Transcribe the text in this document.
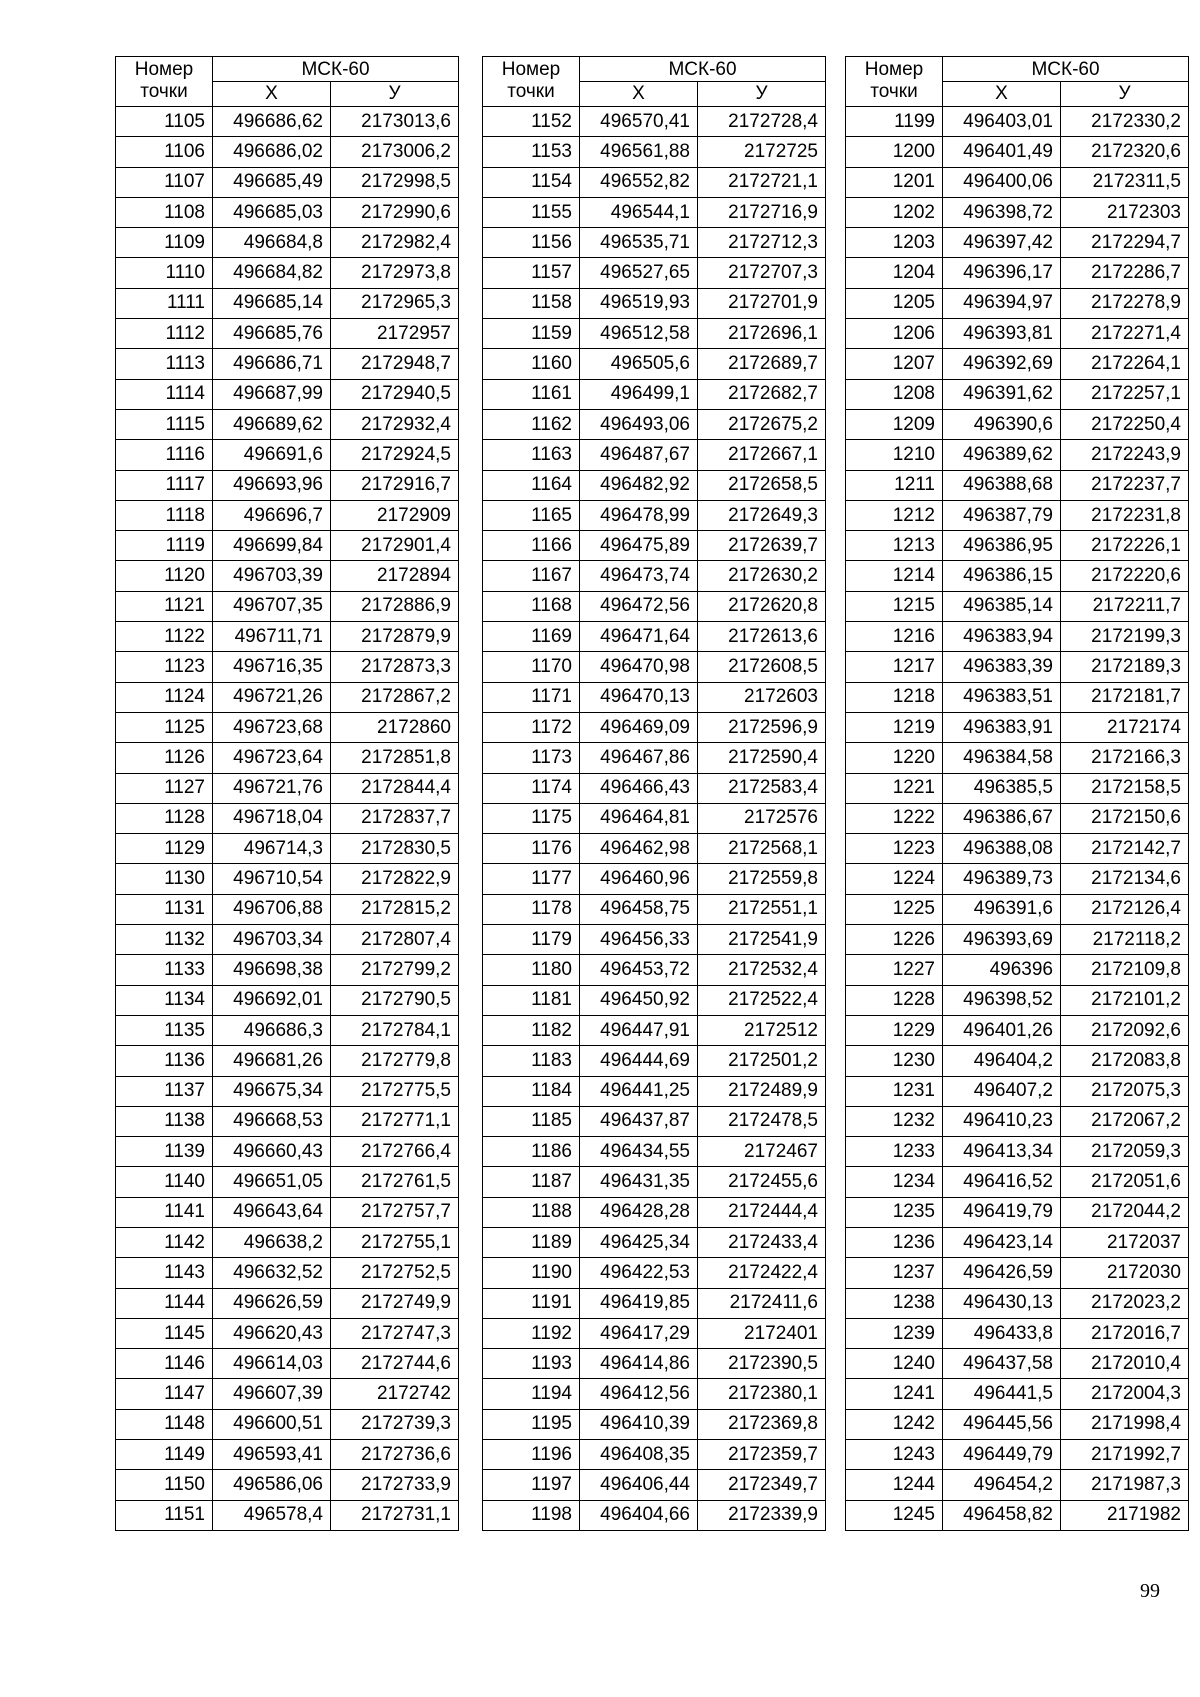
Номер точки	МСК-60	
	Х	У
1105	496686,62	2173013,6
1106	496686,02	2173006,2
1107	496685,49	2172998,5
1108	496685,03	2172990,6
1109	496684,8	2172982,4
1110	496684,82	2172973,8
1111	496685,14	2172965,3
1112	496685,76	2172957
1113	496686,71	2172948,7
1114	496687,99	2172940,5
1115	496689,62	2172932,4
1116	496691,6	2172924,5
1117	496693,96	2172916,7
1118	496696,7	2172909
1119	496699,84	2172901,4
1120	496703,39	2172894
1121	496707,35	2172886,9
1122	496711,71	2172879,9
1123	496716,35	2172873,3
1124	496721,26	2172867,2
1125	496723,68	2172860
1126	496723,64	2172851,8
1127	496721,76	2172844,4
1128	496718,04	2172837,7
1129	496714,3	2172830,5
1130	496710,54	2172822,9
1131	496706,88	2172815,2
1132	496703,34	2172807,4
1133	496698,38	2172799,2
1134	496692,01	2172790,5
1135	496686,3	2172784,1
1136	496681,26	2172779,8
1137	496675,34	2172775,5
1138	496668,53	2172771,1
1139	496660,43	2172766,4
1140	496651,05	2172761,5
1141	496643,64	2172757,7
1142	496638,2	2172755,1
1143	496632,52	2172752,5
1144	496626,59	2172749,9
1145	496620,43	2172747,3
1146	496614,03	2172744,6
1147	496607,39	2172742
1148	496600,51	2172739,3
1149	496593,41	2172736,6
1150	496586,06	2172733,9
1151	496578,4	2172731,1
Номер точки	МСК-60	
	Х	У
1152	496570,41	2172728,4
1153	496561,88	2172725
1154	496552,82	2172721,1
1155	496544,1	2172716,9
1156	496535,71	2172712,3
1157	496527,65	2172707,3
1158	496519,93	2172701,9
1159	496512,58	2172696,1
1160	496505,6	2172689,7
1161	496499,1	2172682,7
1162	496493,06	2172675,2
1163	496487,67	2172667,1
1164	496482,92	2172658,5
1165	496478,99	2172649,3
1166	496475,89	2172639,7
1167	496473,74	2172630,2
1168	496472,56	2172620,8
1169	496471,64	2172613,6
1170	496470,98	2172608,5
1171	496470,13	2172603
1172	496469,09	2172596,9
1173	496467,86	2172590,4
1174	496466,43	2172583,4
1175	496464,81	2172576
1176	496462,98	2172568,1
1177	496460,96	2172559,8
1178	496458,75	2172551,1
1179	496456,33	2172541,9
1180	496453,72	2172532,4
1181	496450,92	2172522,4
1182	496447,91	2172512
1183	496444,69	2172501,2
1184	496441,25	2172489,9
1185	496437,87	2172478,5
1186	496434,55	2172467
1187	496431,35	2172455,6
1188	496428,28	2172444,4
1189	496425,34	2172433,4
1190	496422,53	2172422,4
1191	496419,85	2172411,6
1192	496417,29	2172401
1193	496414,86	2172390,5
1194	496412,56	2172380,1
1195	496410,39	2172369,8
1196	496408,35	2172359,7
1197	496406,44	2172349,7
1198	496404,66	2172339,9
Номер точки	МСК-60	
	Х	У
1199	496403,01	2172330,2
1200	496401,49	2172320,6
1201	496400,06	2172311,5
1202	496398,72	2172303
1203	496397,42	2172294,7
1204	496396,17	2172286,7
1205	496394,97	2172278,9
1206	496393,81	2172271,4
1207	496392,69	2172264,1
1208	496391,62	2172257,1
1209	496390,6	2172250,4
1210	496389,62	2172243,9
1211	496388,68	2172237,7
1212	496387,79	2172231,8
1213	496386,95	2172226,1
1214	496386,15	2172220,6
1215	496385,14	2172211,7
1216	496383,94	2172199,3
1217	496383,39	2172189,3
1218	496383,51	2172181,7
1219	496383,91	2172174
1220	496384,58	2172166,3
1221	496385,5	2172158,5
1222	496386,67	2172150,6
1223	496388,08	2172142,7
1224	496389,73	2172134,6
1225	496391,6	2172126,4
1226	496393,69	2172118,2
1227	496396	2172109,8
1228	496398,52	2172101,2
1229	496401,26	2172092,6
1230	496404,2	2172083,8
1231	496407,2	2172075,3
1232	496410,23	2172067,2
1233	496413,34	2172059,3
1234	496416,52	2172051,6
1235	496419,79	2172044,2
1236	496423,14	2172037
1237	496426,59	2172030
1238	496430,13	2172023,2
1239	496433,8	2172016,7
1240	496437,58	2172010,4
1241	496441,5	2172004,3
1242	496445,56	2171998,4
1243	496449,79	2171992,7
1244	496454,2	2171987,3
1245	496458,82	2171982
99
